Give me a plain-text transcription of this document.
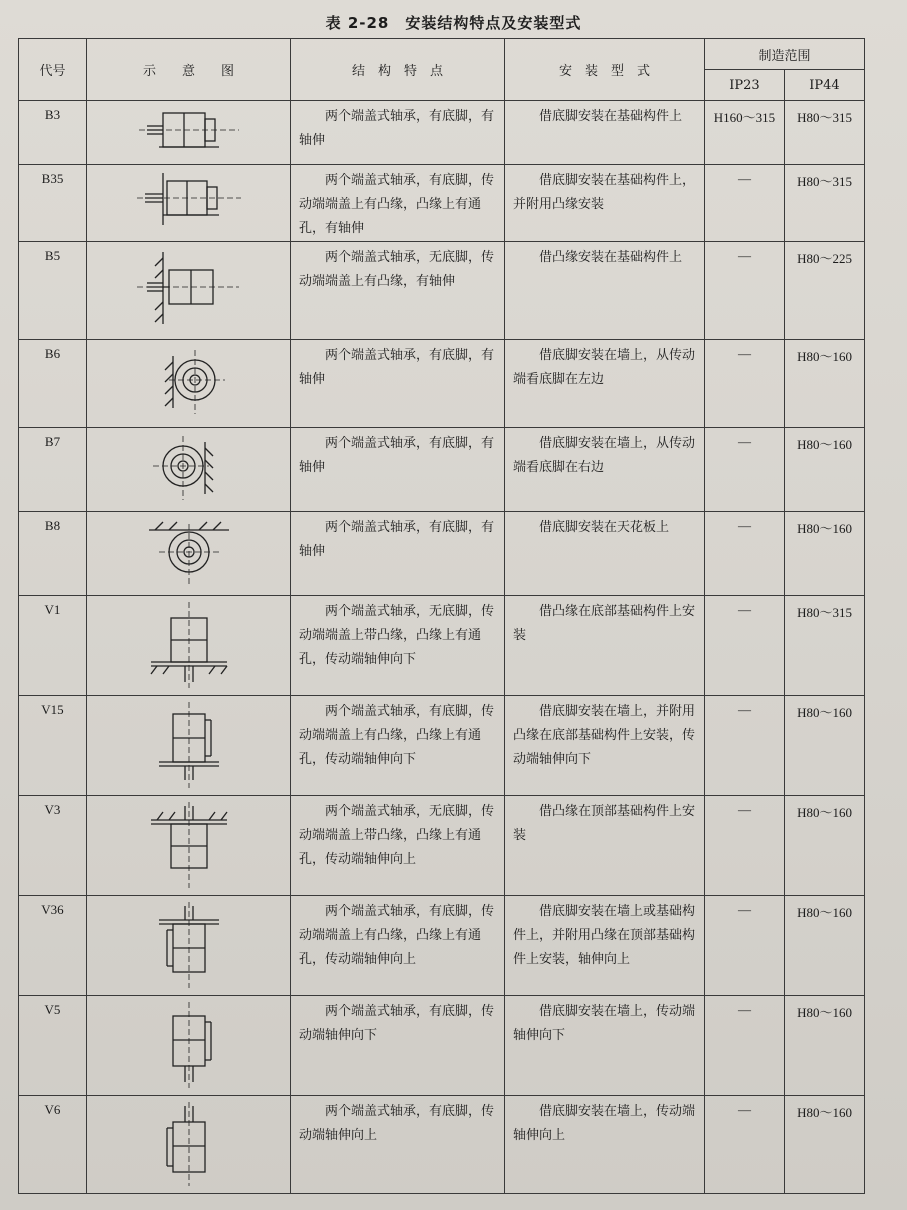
表 2-28　安装结构特点及安装型式
代号	示　　意　　图	结　构　特　点	安　装　型　式	制造范围	
				IP23	IP44
B3		两个端盖式轴承，有底脚，有轴伸	借底脚安装在基础构件上	H160～315	H80～315
B35		两个端盖式轴承，有底脚，传动端端盖上有凸缘，凸缘上有通孔，有轴伸	借底脚安装在基础构件上，并附用凸缘安装	—	H80～315
B5		两个端盖式轴承，无底脚，传动端端盖上有凸缘，有轴伸	借凸缘安装在基础构件上	—	H80～225
B6		两个端盖式轴承，有底脚，有轴伸	借底脚安装在墙上，从传动端看底脚在左边	—	H80～160
B7		两个端盖式轴承，有底脚，有轴伸	借底脚安装在墙上，从传动端看底脚在右边	—	H80～160
B8		两个端盖式轴承，有底脚，有轴伸	借底脚安装在天花板上	—	H80～160
V1		两个端盖式轴承，无底脚，传动端端盖上带凸缘，凸缘上有通孔，传动端轴伸向下	借凸缘在底部基础构件上安装	—	H80～315
V15		两个端盖式轴承，有底脚，传动端端盖上有凸缘，凸缘上有通孔，传动端轴伸向下	借底脚安装在墙上，并附用凸缘在底部基础构件上安装，传动端轴伸向下	—	H80～160
V3		两个端盖式轴承，无底脚，传动端端盖上带凸缘，凸缘上有通孔，传动端轴伸向上	借凸缘在顶部基础构件上安装	—	H80～160
V36		两个端盖式轴承，有底脚，传动端端盖上有凸缘，凸缘上有通孔，传动端轴伸向上	借底脚安装在墙上或基础构件上，并附用凸缘在顶部基础构件上安装，轴伸向上	—	H80～160
V5		两个端盖式轴承，有底脚，传动端轴伸向下	借底脚安装在墙上，传动端轴伸向下	—	H80～160
V6		两个端盖式轴承，有底脚，传动端轴伸向上	借底脚安装在墙上，传动端轴伸向上	—	H80～160
